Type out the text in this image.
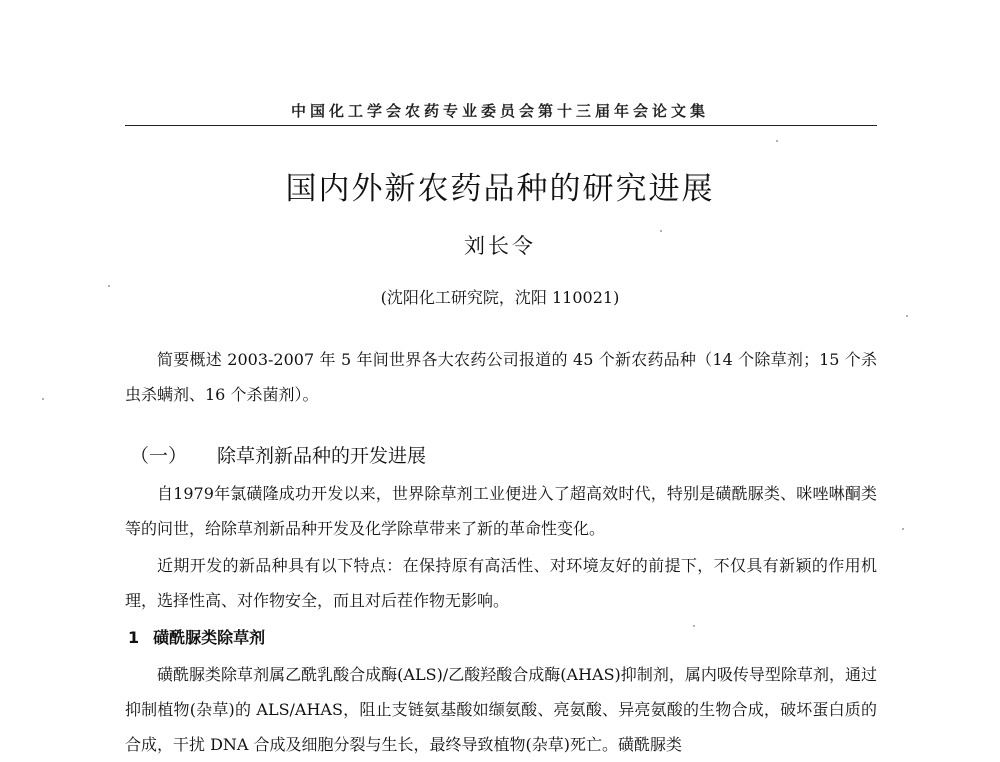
中国化工学会农药专业委员会第十三届年会论文集
国内外新农药品种的研究进展
刘长令
(沈阳化工研究院，沈阳 110021)
简要概述 2003-2007 年 5 年间世界各大农药公司报道的 45 个新农药品种（14 个除草剂；15 个杀虫杀螨剂、16 个杀菌剂）。
（一） 除草剂新品种的开发进展
自1979年氯磺隆成功开发以来，世界除草剂工业便进入了超高效时代，特别是磺酰脲类、咪唑啉酮类等的问世，给除草剂新品种开发及化学除草带来了新的革命性变化。
近期开发的新品种具有以下特点：在保持原有高活性、对环境友好的前提下，不仅具有新颖的作用机理，选择性高、对作物安全，而且对后茬作物无影响。
1 磺酰脲类除草剂
磺酰脲类除草剂属乙酰乳酸合成酶(ALS)/乙酸羟酸合成酶(AHAS)抑制剂，属内吸传导型除草剂，通过抑制植物(杂草)的 ALS/AHAS，阻止支链氨基酸如缬氨酸、亮氨酸、异亮氨酸的生物合成，破坏蛋白质的合成，干扰 DNA 合成及细胞分裂与生长，最终导致植物(杂草)死亡。磺酰脲类
